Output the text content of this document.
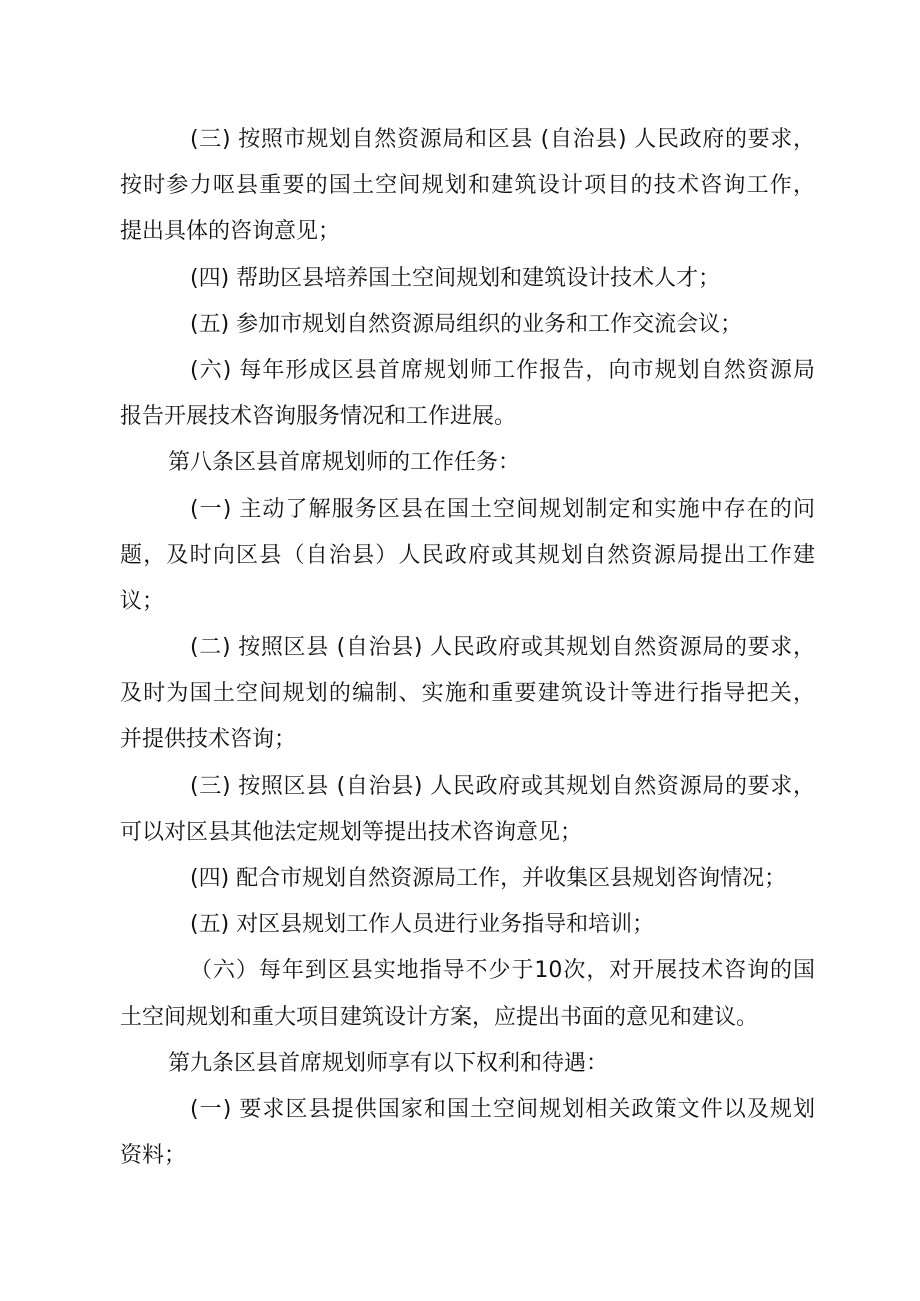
(三) 按照市规划自然资源局和区县 (自治县) 人民政府的要求，
按时参力呕县重要的国土空间规划和建筑设计项目的技术咨询工作，
提出具体的咨询意见；

(四) 帮助区县培养国土空间规划和建筑设计技术人才；

(五) 参加市规划自然资源局组织的业务和工作交流会议；

(六) 每年形成区县首席规划师工作报告，向市规划自然资源局
报告开展技术咨询服务情况和工作进展。

第八条区县首席规划师的工作任务：

(一) 主动了解服务区县在国土空间规划制定和实施中存在的问
题，及时向区县（自治县）人民政府或其规划自然资源局提出工作建
议；

(二) 按照区县 (自治县) 人民政府或其规划自然资源局的要求，
及时为国土空间规划的编制、实施和重要建筑设计等进行指导把关，
并提供技术咨询；

(三) 按照区县 (自治县) 人民政府或其规划自然资源局的要求，
可以对区县其他法定规划等提出技术咨询意见；

(四) 配合市规划自然资源局工作，并收集区县规划咨询情况；

(五) 对区县规划工作人员进行业务指导和培训；

（六）每年到区县实地指导不少于10次，对开展技术咨询的国
土空间规划和重大项目建筑设计方案，应提出书面的意见和建议。

第九条区县首席规划师享有以下权利和待遇：

(一) 要求区县提供国家和国土空间规划相关政策文件以及规划
资料；
